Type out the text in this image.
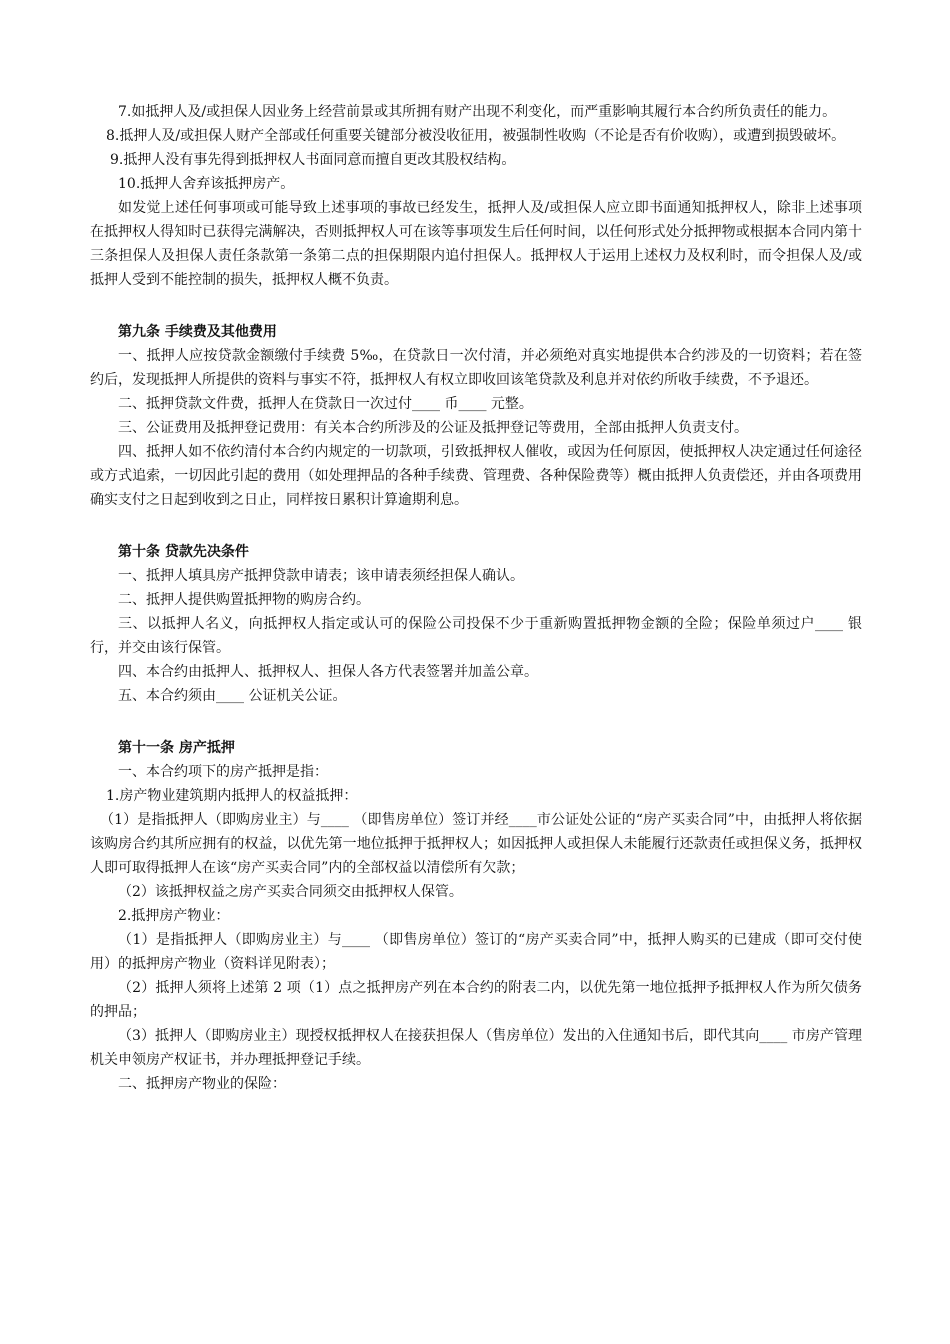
7.如抵押人及/或担保人因业务上经营前景或其所拥有财产出现不利变化，而严重影响其履行本合约所负责任的能力。

8.抵押人及/或担保人财产全部或任何重要关键部分被没收征用，被强制性收购（不论是否有价收购），或遭到损毁破坏。

9.抵押人没有事先得到抵押权人书面同意而擅自更改其股权结构。

10.抵押人舍弃该抵押房产。

如发觉上述任何事项或可能导致上述事项的事故已经发生，抵押人及/或担保人应立即书面通知抵押权人，除非上述事项在抵押权人得知时已获得完满解决，否则抵押权人可在该等事项发生后任何时间，以任何形式处分抵押物或根据本合同内第十三条担保人及担保人责任条款第一条第二点的担保期限内追付担保人。抵押权人于运用上述权力及权利时，而令担保人及/或抵押人受到不能控制的损失，抵押权人概不负责。

第九条 手续费及其他费用

一、抵押人应按贷款金额缴付手续费 5‰，在贷款日一次付清，并必须绝对真实地提供本合约涉及的一切资料；若在签约后，发现抵押人所提供的资料与事实不符，抵押权人有权立即收回该笔贷款及利息并对依约所收手续费，不予退还。

二、抵押贷款文件费，抵押人在贷款日一次过付____ 币____ 元整。

三、公证费用及抵押登记费用：有关本合约所涉及的公证及抵押登记等费用，全部由抵押人负责支付。

四、抵押人如不依约清付本合约内规定的一切款项，引致抵押权人催收，或因为任何原因，使抵押权人决定通过任何途径或方式追索，一切因此引起的费用（如处理押品的各种手续费、管理费、各种保险费等）概由抵押人负责偿还，并由各项费用确实支付之日起到收到之日止，同样按日累积计算逾期利息。

第十条 贷款先决条件

一、抵押人填具房产抵押贷款申请表；该申请表须经担保人确认。

二、抵押人提供购置抵押物的购房合约。

三、以抵押人名义，向抵押权人指定或认可的保险公司投保不少于重新购置抵押物金额的全险；保险单须过户____ 银行，并交由该行保管。

四、本合约由抵押人、抵押权人、担保人各方代表签署并加盖公章。

五、本合约须由____ 公证机关公证。

第十一条 房产抵押

一、本合约项下的房产抵押是指：

1.房产物业建筑期内抵押人的权益抵押：

（1）是指抵押人（即购房业主）与____ （即售房单位）签订并经____市公证处公证的“房产买卖合同”中，由抵押人将依据该购房合约其所应拥有的权益，以优先第一地位抵押于抵押权人；如因抵押人或担保人未能履行还款责任或担保义务，抵押权人即可取得抵押人在该“房产买卖合同”内的全部权益以清偿所有欠款；

（2）该抵押权益之房产买卖合同须交由抵押权人保管。

2.抵押房产物业：

（1）是指抵押人（即购房业主）与____ （即售房单位）签订的“房产买卖合同”中，抵押人购买的已建成（即可交付使用）的抵押房产物业（资料详见附表）；

（2）抵押人须将上述第 2 项（1）点之抵押房产列在本合约的附表二内，以优先第一地位抵押予抵押权人作为所欠债务的押品；

（3）抵押人（即购房业主）现授权抵押权人在接获担保人（售房单位）发出的入住通知书后，即代其向____ 市房产管理机关申领房产权证书，并办理抵押登记手续。

二、抵押房产物业的保险：
